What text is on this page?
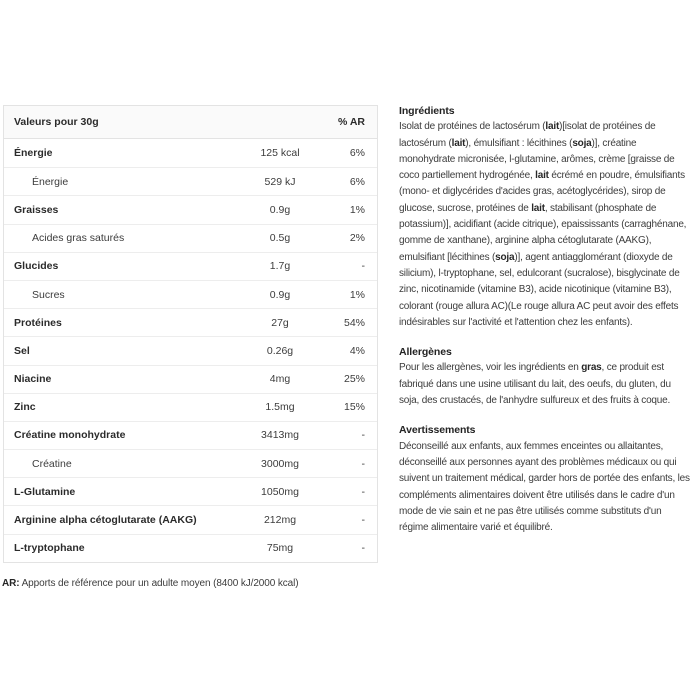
Valeurs pour 30g	% AR
Énergie	125 kcal	6%
Énergie	529 kJ	6%
Graisses	0.9g	1%
Acides gras saturés	0.5g	2%
Glucides	1.7g	-
Sucres	0.9g	1%
Protéines	27g	54%
Sel	0.26g	4%
Niacine	4mg	25%
Zinc	1.5mg	15%
Créatine monohydrate	3413mg	-
Créatine	3000mg	-
L-Glutamine	1050mg	-
Arginine alpha cétoglutarate (AAKG)	212mg	-
L-tryptophane	75mg	-

AR: Apports de référence pour un adulte moyen (8400 kJ/2000 kcal)

Ingrédients

Isolat de protéines de lactosérum (lait)[isolat de protéines de lactosérum (lait), émulsifiant : lécithines (soja)], créatine monohydrate micronisée, l-glutamine, arômes, crème [graisse de coco partiellement hydrogénée, lait écrémé en poudre, émulsifiants (mono- et diglycérides d'acides gras, acétoglycérides), sirop de glucose, sucrose, protéines de lait, stabilisant (phosphate de potassium)], acidifiant (acide citrique), epaississants (carraghénane, gomme de xanthane), arginine alpha cétoglutarate (AAKG), emulsifiant [lécithines (soja)], agent antiagglomérant (dioxyde de silicium), l-tryptophane, sel, edulcorant (sucralose), bisglycinate de zinc, nicotinamide (vitamine B3), acide nicotinique (vitamine B3), colorant (rouge allura AC)(Le rouge allura AC peut avoir des effets indésirables sur l'activité et l'attention chez les enfants).

Allergènes

Pour les allergènes, voir les ingrédients en gras, ce produit est fabriqué dans une usine utilisant du lait, des oeufs, du gluten, du soja, des crustacés, de l'anhydre sulfureux et des fruits à coque.

Avertissements

Déconseillé aux enfants, aux femmes enceintes ou allaitantes, déconseillé aux personnes ayant des problèmes médicaux ou qui suivent un traitement médical, garder hors de portée des enfants, les compléments alimentaires doivent être utilisés dans le cadre d'un mode de vie sain et ne pas être utilisés comme substituts d'un régime alimentaire varié et équilibré.
